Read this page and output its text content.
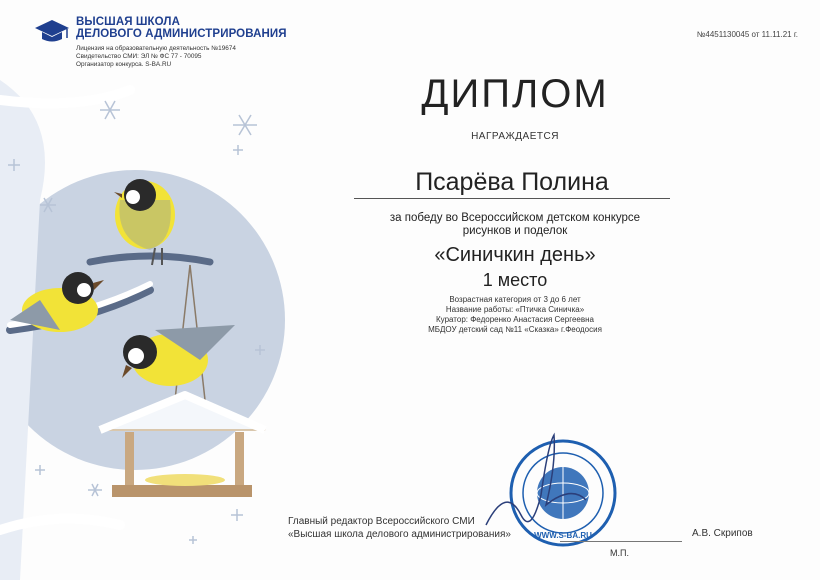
ВЫСШАЯ ШКОЛА
ДЕЛОВОГО АДМИНИСТРИРОВАНИЯ
Лицензия на образовательную деятельность №19674
Свидетельство СМИ: ЭЛ № ФС 77 - 70095
Организатор конкурса. S-BA.RU
№4451130045 от 11.11.21 г.
ДИПЛОМ
НАГРАЖДАЕТСЯ
Псарёва Полина
за победу во Всероссийском детском конкурсе
рисунков и поделок
«Синичкин день»
1 место
Возрастная категория от 3 до 6 лет
Название работы: «Птичка Синичка»
Куратор: Федоренко Анастасия Сергеевна
МБДОУ детский сад №11 «Сказка» г.Феодосия
Главный редактор Всероссийского СМИ
«Высшая школа делового администрирования»	WWW.S-BA.RU	А.В. Скрипов
М.П.
